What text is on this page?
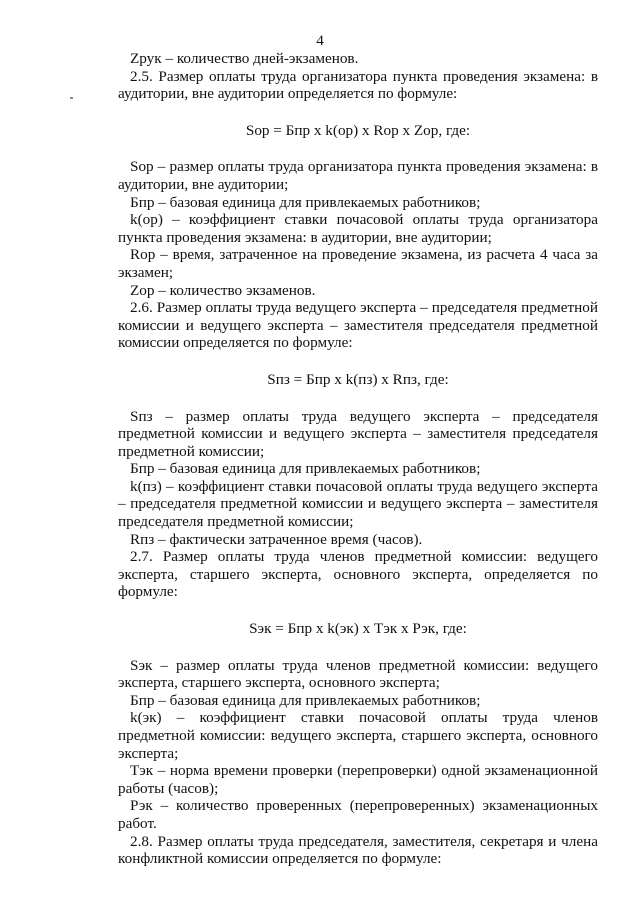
4

Zрук – количество дней-экзаменов.

2.5. Размер оплаты труда организатора пункта проведения экзамена: в аудитории, вне аудитории определяется по формуле:

Sор = Бпр х k(ор) х Rор х Zор, где:

Sор – размер оплаты труда организатора пункта проведения экзамена: в аудитории, вне аудитории;

Бпр – базовая единица для привлекаемых работников;

k(ор) – коэффициент ставки почасовой оплаты труда организатора пункта проведения экзамена: в аудитории, вне аудитории;

Rор – время, затраченное на проведение экзамена, из расчета 4 часа за экзамен;

Zор – количество экзаменов.

2.6. Размер оплаты труда ведущего эксперта – председателя предметной комиссии и ведущего эксперта – заместителя председателя предметной комиссии определяется по формуле:

Sпз = Бпр х k(пз) х Rпз, где:

Sпз – размер оплаты труда ведущего эксперта – председателя предметной комиссии и ведущего эксперта – заместителя председателя предметной комиссии;

Бпр – базовая единица для привлекаемых работников;

k(пз) – коэффициент ставки почасовой оплаты труда ведущего эксперта – председателя предметной комиссии и ведущего эксперта – заместителя председателя предметной комиссии;

Rпз – фактически затраченное время (часов).

2.7. Размер оплаты труда членов предметной комиссии: ведущего эксперта, старшего эксперта, основного эксперта, определяется по формуле:

Sэк = Бпр х k(эк) х Тэк х Рэк, где:

Sэк – размер оплаты труда членов предметной комиссии: ведущего эксперта, старшего эксперта, основного эксперта;

Бпр – базовая единица для привлекаемых работников;

k(эк) – коэффициент ставки почасовой оплаты труда членов предметной комиссии: ведущего эксперта, старшего эксперта, основного эксперта;

Тэк – норма времени проверки (перепроверки) одной экзаменационной работы (часов);

Рэк – количество проверенных (перепроверенных) экзаменационных работ.

2.8. Размер оплаты труда председателя, заместителя, секретаря и члена конфликтной комиссии определяется по формуле:
